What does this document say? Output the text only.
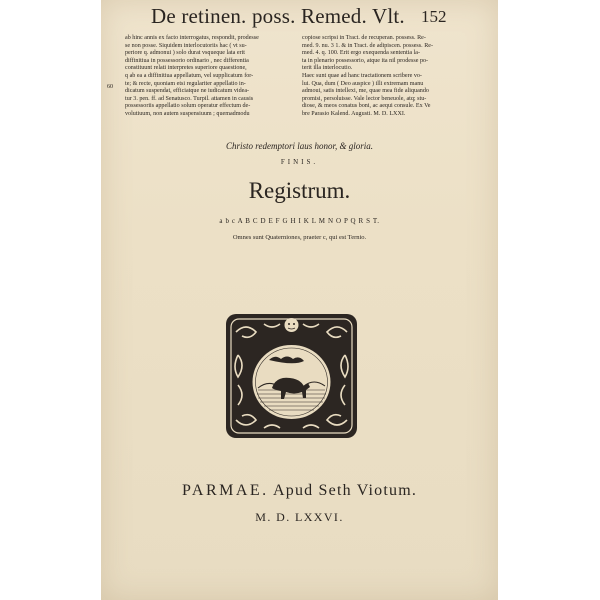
De retinen. poss. Remed. Vlt. 152

ab hinc annis ex facto interrogatus, respondit, prodesse

se non posse. Siquidem interlocutoriis hac ( vt su-

periore q. admonui ) solo durat vsqueque lata erit

diffinitiua in possessorio ordinario , nec differentia

constituunt relati interpretes superiore quaestione,

q ab ea a diffinitiua appellatum, vel supplicatum for-

te; & recte, quoniam etsi regulariter appellatio in-

dicatum suspendat, efficiatque ne iudicatum videa-

tur 3. pen. ff. ad Senatusco. Turpil. attamen in causis

possessoriis appellatio solum operatur effectum de-

volutiuum, non autem suspensiuum ; quemadmodu

60

copiose scripsi in Tract. de recuperan. possess. Re-

med. 9. nu. 3 1. & in Tract. de adipiscen. possess. Re-

med. 4. q. 100. Erit ergo exequenda sententia la-

ta in plenario possessorio, atque ita nil prodesse po-

terit illa interlocutio.

Haec sunt quae ad hanc tractationem scribere vo-

lui. Qua, dum ( Deo auspice ) illi extremam manu

admoui, satis intellexi, me, quae mea fide aliquando

promisi, persoluisse. Vale lector beneuole, atq; stu-

diose, & meos conatus boni, ac aequi consule. Ex Ve

bre Parasio Kalend. Augusti. M. D. LXXI.

Christo redemptori laus honor, & gloria.
FINIS.
Registrum.
a b c A B C D E F G H I K L M N O P Q R S T.
Omnes sunt Quaterniones, praeter c, qui est Ternio.
PARMAE. Apud Seth Viotum.
M. D. LXXVI.
